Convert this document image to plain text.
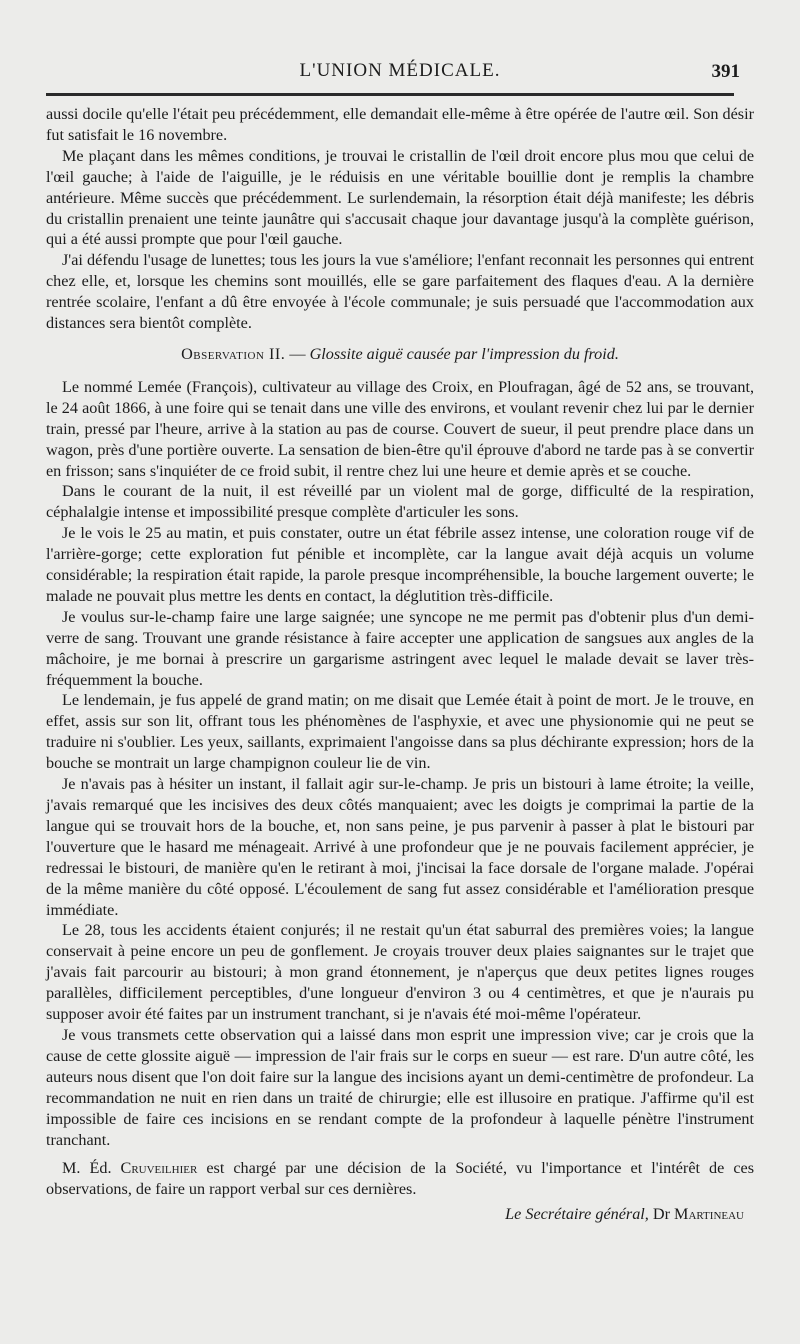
L'UNION MÉDICALE.	391

aussi docile qu'elle l'était peu précédemment, elle demandait elle-même à être opérée de l'autre œil. Son désir fut satisfait le 16 novembre.

Me plaçant dans les mêmes conditions, je trouvai le cristallin de l'œil droit encore plus mou que celui de l'œil gauche; à l'aide de l'aiguille, je le réduisis en une véritable bouillie dont je remplis la chambre antérieure. Même succès que précédemment. Le surlendemain, la résorption était déjà manifeste; les débris du cristallin prenaient une teinte jaunâtre qui s'accusait chaque jour davantage jusqu'à la complète guérison, qui a été aussi prompte que pour l'œil gauche.

J'ai défendu l'usage de lunettes; tous les jours la vue s'améliore; l'enfant reconnait les personnes qui entrent chez elle, et, lorsque les chemins sont mouillés, elle se gare parfaitement des flaques d'eau. A la dernière rentrée scolaire, l'enfant a dû être envoyée à l'école communale; je suis persuadé que l'accommodation aux distances sera bientôt complète.

Observation II. — Glossite aiguë causée par l'impression du froid.

Le nommé Lemée (François), cultivateur au village des Croix, en Ploufragan, âgé de 52 ans, se trouvant, le 24 août 1866, à une foire qui se tenait dans une ville des environs, et voulant revenir chez lui par le dernier train, pressé par l'heure, arrive à la station au pas de course. Couvert de sueur, il peut prendre place dans un wagon, près d'une portière ouverte. La sensation de bien-être qu'il éprouve d'abord ne tarde pas à se convertir en frisson; sans s'inquiéter de ce froid subit, il rentre chez lui une heure et demie après et se couche.

Dans le courant de la nuit, il est réveillé par un violent mal de gorge, difficulté de la respiration, céphalalgie intense et impossibilité presque complète d'articuler les sons.

Je le vois le 25 au matin, et puis constater, outre un état fébrile assez intense, une coloration rouge vif de l'arrière-gorge; cette exploration fut pénible et incomplète, car la langue avait déjà acquis un volume considérable; la respiration était rapide, la parole presque incompréhensible, la bouche largement ouverte; le malade ne pouvait plus mettre les dents en contact, la déglutition très-difficile.

Je voulus sur-le-champ faire une large saignée; une syncope ne me permit pas d'obtenir plus d'un demi-verre de sang. Trouvant une grande résistance à faire accepter une application de sangsues aux angles de la mâchoire, je me bornai à prescrire un gargarisme astringent avec lequel le malade devait se laver très-fréquemment la bouche.

Le lendemain, je fus appelé de grand matin; on me disait que Lemée était à point de mort. Je le trouve, en effet, assis sur son lit, offrant tous les phénomènes de l'asphyxie, et avec une physionomie qui ne peut se traduire ni s'oublier. Les yeux, saillants, exprimaient l'angoisse dans sa plus déchirante expression; hors de la bouche se montrait un large champignon couleur lie de vin.

Je n'avais pas à hésiter un instant, il fallait agir sur-le-champ. Je pris un bistouri à lame étroite; la veille, j'avais remarqué que les incisives des deux côtés manquaient; avec les doigts je comprimai la partie de la langue qui se trouvait hors de la bouche, et, non sans peine, je pus parvenir à passer à plat le bistouri par l'ouverture que le hasard me ménageait. Arrivé à une profondeur que je ne pouvais facilement apprécier, je redressai le bistouri, de manière qu'en le retirant à moi, j'incisai la face dorsale de l'organe malade. J'opérai de la même manière du côté opposé. L'écoulement de sang fut assez considérable et l'amélioration presque immédiate.

Le 28, tous les accidents étaient conjurés; il ne restait qu'un état saburral des premières voies; la langue conservait à peine encore un peu de gonflement. Je croyais trouver deux plaies saignantes sur le trajet que j'avais fait parcourir au bistouri; à mon grand étonnement, je n'aperçus que deux petites lignes rouges parallèles, difficilement perceptibles, d'une longueur d'environ 3 ou 4 centimètres, et que je n'aurais pu supposer avoir été faites par un instrument tranchant, si je n'avais été moi-même l'opérateur.

Je vous transmets cette observation qui a laissé dans mon esprit une impression vive; car je crois que la cause de cette glossite aiguë — impression de l'air frais sur le corps en sueur — est rare. D'un autre côté, les auteurs nous disent que l'on doit faire sur la langue des incisions ayant un demi-centimètre de profondeur. La recommandation ne nuit en rien dans un traité de chirurgie; elle est illusoire en pratique. J'affirme qu'il est impossible de faire ces incisions en se rendant compte de la profondeur à laquelle pénètre l'instrument tranchant.

M. Éd. Cruveilhier est chargé par une décision de la Société, vu l'importance et l'intérêt de ces observations, de faire un rapport verbal sur ces dernières.

Le Secrétaire général, Dr Martineau
